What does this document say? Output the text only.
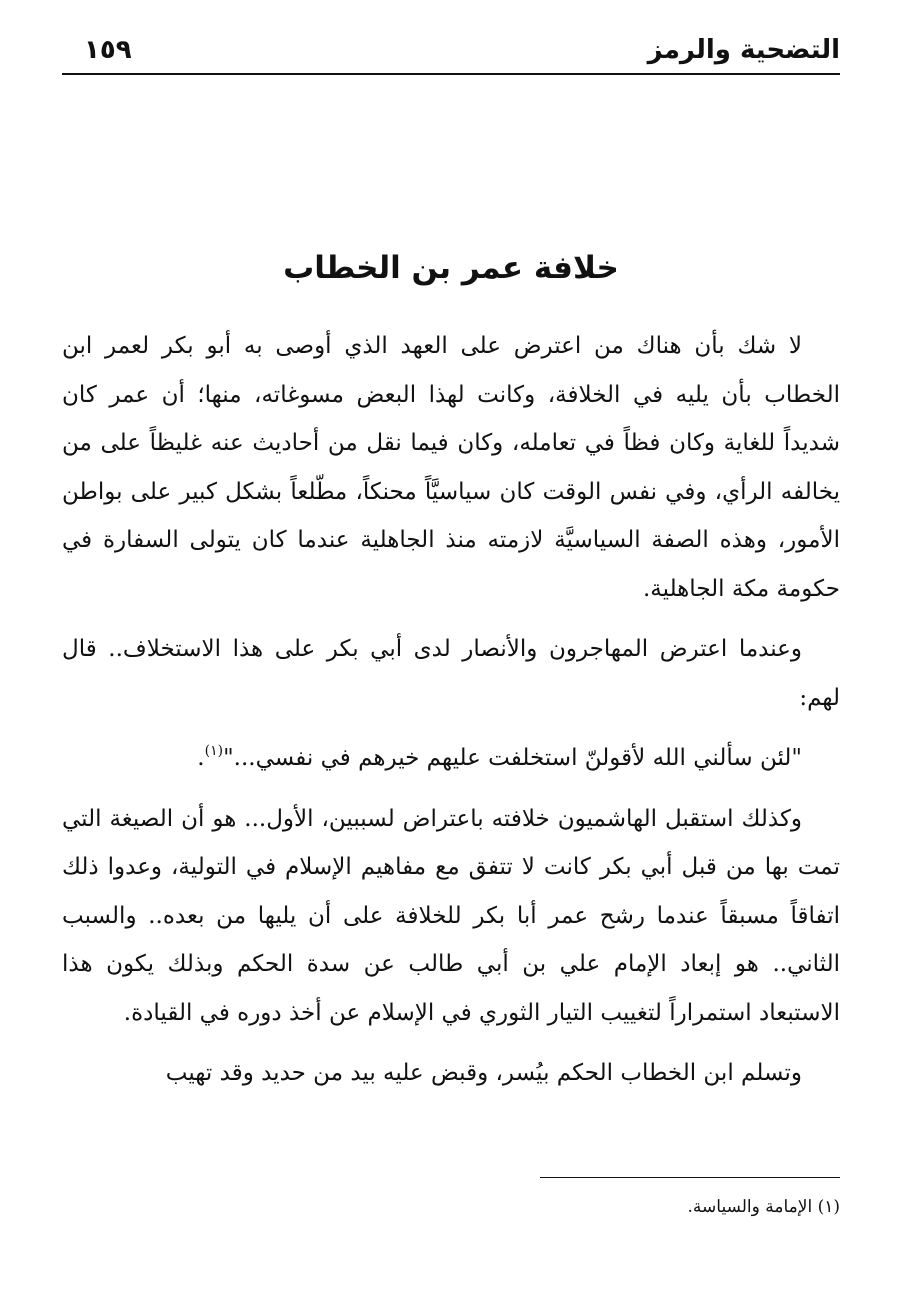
التضحية والرمز
١٥٩
خلافة عمر بن الخطاب

لا شك بأن هناك من اعترض على العهد الذي أوصى به أبو بكر لعمر ابن الخطاب بأن يليه في الخلافة، وكانت لهذا البعض مسوغاته، منها؛ أن عمر كان شديداً للغاية وكان فظاً في تعامله، وكان فيما نقل من أحاديث عنه غليظاً على من يخالفه الرأي، وفي نفس الوقت كان سياسيَّاً محنكاً، مطّلعاً بشكل كبير على بواطن الأمور، وهذه الصفة السياسيَّة لازمته منذ الجاهلية عندما كان يتولى السفارة في حكومة مكة الجاهلية.

وعندما اعترض المهاجرون والأنصار لدى أبي بكر على هذا الاستخلاف.. قال لهم:

"لئن سألني الله لأقولنّ استخلفت عليهم خيرهم في نفسي..."$^{(١)}$.

وكذلك استقبل الهاشميون خلافته باعتراض لسببين، الأول... هو أن الصيغة التي تمت بها من قبل أبي بكر كانت لا تتفق مع مفاهيم الإسلام في التولية، وعدوا ذلك اتفاقاً مسبقاً عندما رشح عمر أبا بكر للخلافة على أن يليها من بعده.. والسبب الثاني.. هو إبعاد الإمام علي بن أبي طالب عن سدة الحكم وبذلك يكون هذا الاستبعاد استمراراً لتغييب التيار الثوري في الإسلام عن أخذ دوره في القيادة.

وتسلم ابن الخطاب الحكم بيُسر، وقبض عليه بيد من حديد وقد تهيب

(١) الإمامة والسياسة.
